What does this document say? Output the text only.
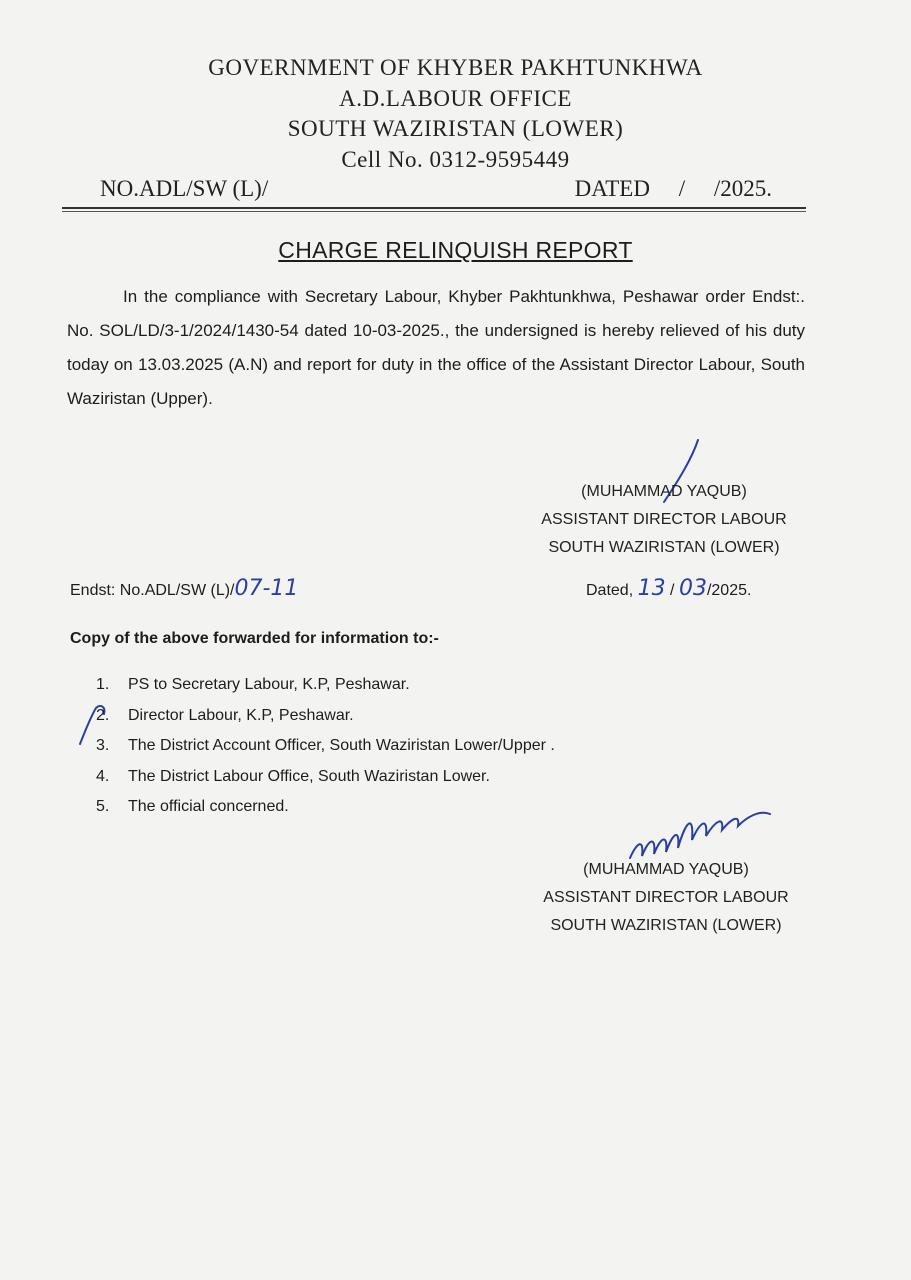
GOVERNMENT OF KHYBER PAKHTUNKHWA
A.D.LABOUR OFFICE
SOUTH WAZIRISTAN (LOWER)
Cell No. 0312-9595449
NO.ADL/SW (L)/	DATED     /     /2025.
CHARGE RELINQUISH REPORT
In the compliance with Secretary Labour, Khyber Pakhtunkhwa, Peshawar order Endst:. No. SOL/LD/3-1/2024/1430-54 dated 10-03-2025., the undersigned is hereby relieved of his duty today on 13.03.2025 (A.N) and report for duty in the office of the Assistant Director Labour, South Waziristan (Upper).
(MUHAMMAD YAQUB)
ASSISTANT DIRECTOR LABOUR
SOUTH WAZIRISTAN (LOWER)
Endst: No.ADL/SW (L)/07-11	Dated, 13 / 03/2025.
Copy of the above forwarded for information to:-
1.	PS to Secretary Labour, K.P, Peshawar.
2.	Director Labour, K.P, Peshawar.
3.	The District Account Officer, South Waziristan Lower/Upper .
4.	The District Labour Office, South Waziristan Lower.
5.	The official concerned.
(MUHAMMAD YAQUB)
ASSISTANT DIRECTOR LABOUR
SOUTH WAZIRISTAN (LOWER)
